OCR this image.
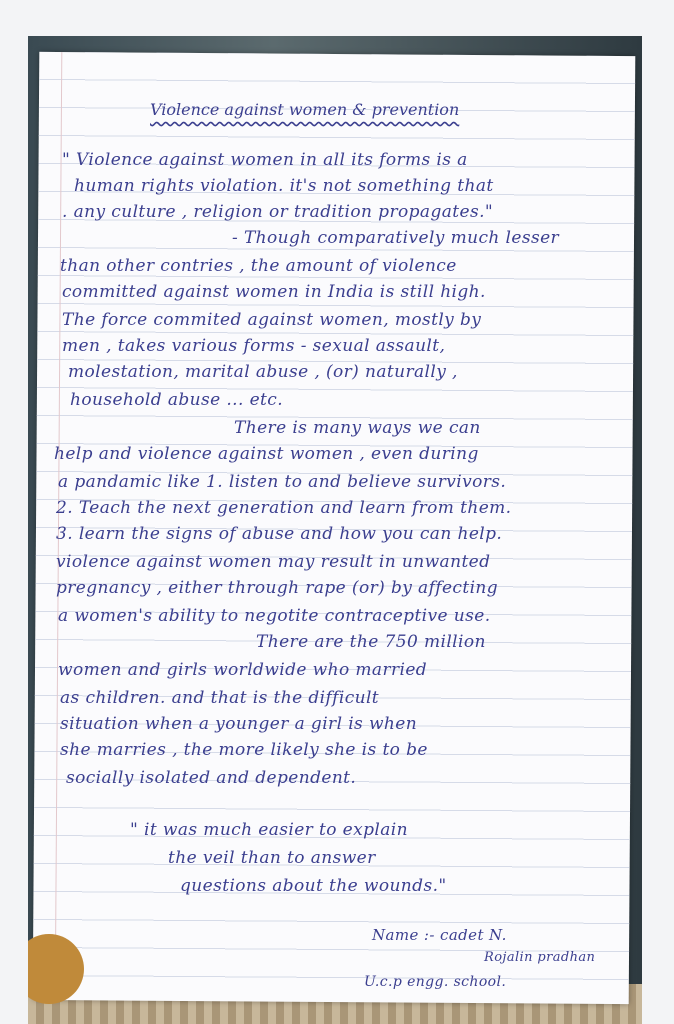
Violence against women & prevention
" Violence against women in all its forms is a
human rights violation. it's not something that
. any culture , religion or tradition propagates."
- Though comparatively much lesser
than other contries , the amount of violence
committed against women in India is still high.
The force commited against women, mostly by
men , takes various forms - sexual assault,
molestation, marital abuse , (or) naturally ,
household abuse ... etc.
There is many ways we can
help and violence against women , even during
a pandamic like 1. listen to and believe survivors.
2. Teach the next generation and learn from them.
3. learn the signs of abuse and how you can help.
violence against women may result in unwanted
pregnancy , either through rape (or) by affecting
a women's ability to negotite contraceptive use.
There are the 750 million
women and girls worldwide who married
as children. and that is the difficult
situation when a younger a girl is when
she marries , the more likely she is to be
socially isolated and dependent.
" it was much easier to explain
the veil than to answer
questions about the wounds."
Name :- cadet N.
Rojalin pradhan
U.c.p engg. school.
